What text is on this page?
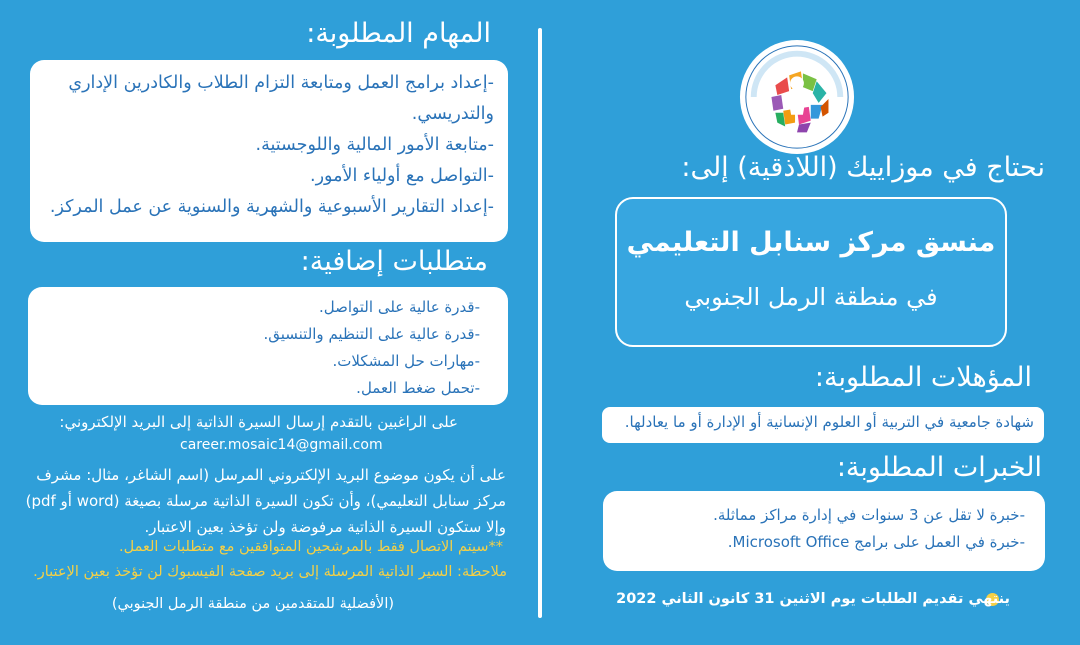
المهام المطلوبة:

-إعداد برامج العمل ومتابعة التزام الطلاب والكادرين الإداري

والتدريسي.

-متابعة الأمور المالية واللوجستية.

-التواصل مع أولياء الأمور.

-إعداد التقارير الأسبوعية والشهرية والسنوية عن عمل المركز.

متطلبات إضافية:

-قدرة عالية على التواصل.

-قدرة عالية على التنظيم والتنسيق.

-مهارات حل المشكلات.

-تحمل ضغط العمل.

على الراغبين بالتقدم إرسال السيرة الذاتية إلى البريد الإلكتروني:
career.mosaic14@gmail.com
على أن يكون موضوع البريد الإلكتروني المرسل (اسم الشاغر، مثال: مشرف
مركز سنابل التعليمي)، وأن تكون السيرة الذاتية مرسلة بصيغة (word أو pdf)
وإلا ستكون السيرة الذاتية مرفوضة ولن تؤخذ بعين الاعتبار.
**سيتم الاتصال فقط بالمرشحين المتوافقين مع متطلبات العمل.
ملاحظة: السير الذاتية المرسلة إلى بريد صفحة الفيسبوك لن تؤخذ بعين الإعتبار.
(الأفضلية للمتقدمين من منطقة الرمل الجنوبي)
نحتاج في موزاييك (اللاذقية) إلى:
منسق مركز سنابل التعليمي
في منطقة الرمل الجنوبي
المؤهلات المطلوبة:

شهادة جامعية في التربية أو العلوم الإنسانية أو الإدارة أو ما يعادلها.

الخبرات المطلوبة:

-خبرة لا تقل عن 3 سنوات في إدارة مراكز مماثلة.

-خبرة في العمل على برامج Microsoft Office.

ينتهي تقديم الطلبات يوم الاثنين 31 كانون الثاني 2022
